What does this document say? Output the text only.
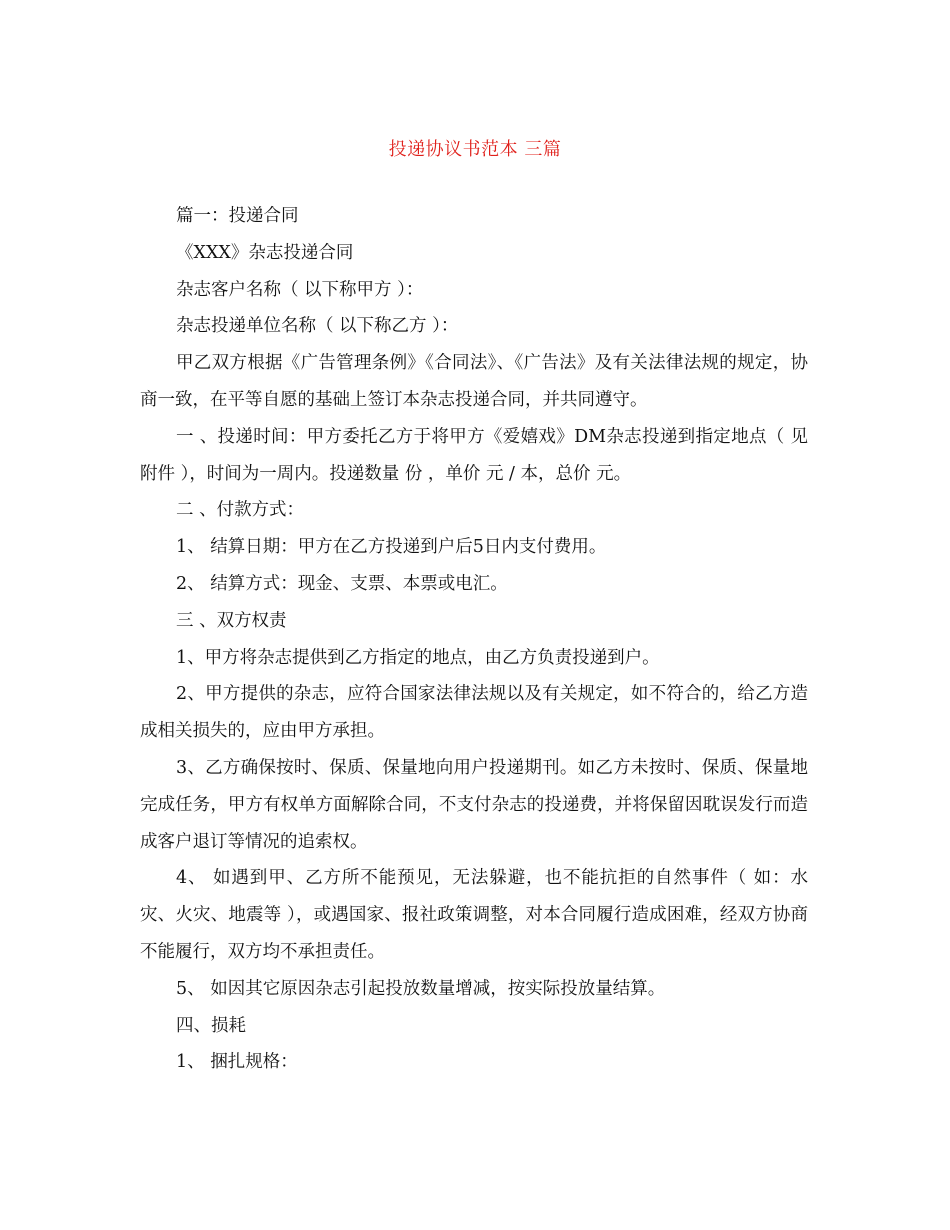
投递协议书范本 三篇

篇一：投递合同

《XXX》杂志投递合同

杂志客户名称（ 以下称甲方 ）：

杂志投递单位名称（ 以下称乙方 ）：

甲乙双方根据《广告管理条例》《合同法》、《广告法》及有关法律法规的规定，协商一致，在平等自愿的基础上签订本杂志投递合同，并共同遵守。

一 、投递时间：甲方委托乙方于将甲方《爱嬉戏》DM杂志投递到指定地点（ 见附件 ），时间为一周内。投递数量 份 ，单价 元 / 本，总价 元。

二 、付款方式：

1、 结算日期：甲方在乙方投递到户后5日内支付费用。

2、 结算方式：现金、支票、本票或电汇。

三 、双方权责

1、甲方将杂志提供到乙方指定的地点，由乙方负责投递到户。

2、甲方提供的杂志，应符合国家法律法规以及有关规定，如不符合的，给乙方造成相关损失的，应由甲方承担。

3、乙方确保按时、保质、保量地向用户投递期刊。如乙方未按时、保质、保量地完成任务，甲方有权单方面解除合同，不支付杂志的投递费，并将保留因耽误发行而造成客户退订等情况的追索权。

4、 如遇到甲、乙方所不能预见，无法躲避，也不能抗拒的自然事件（ 如：水灾、火灾、地震等 ），或遇国家、报社政策调整，对本合同履行造成困难，经双方协商不能履行，双方均不承担责任。

5、 如因其它原因杂志引起投放数量增减，按实际投放量结算。

四、损耗

1、 捆扎规格：
